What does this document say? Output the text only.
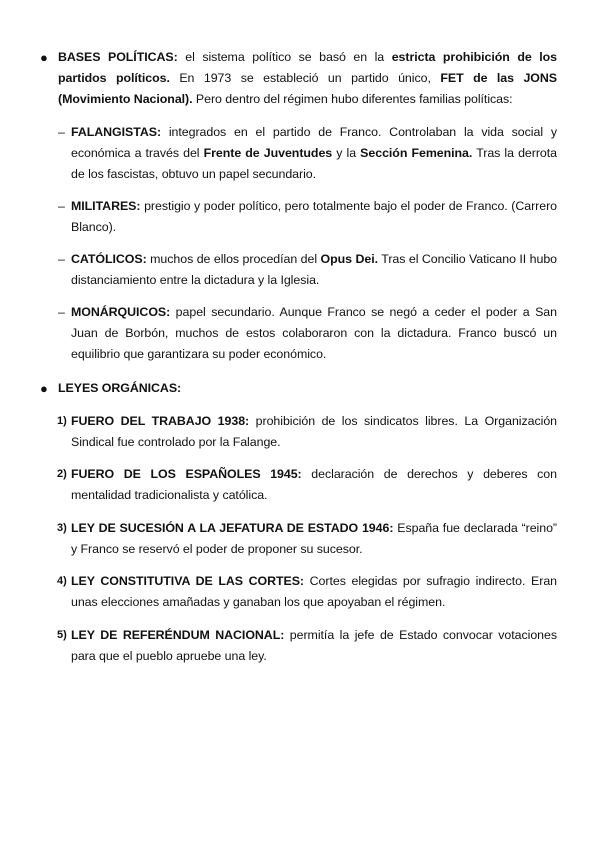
● BASES POLÍTICAS: el sistema político se basó en la estricta prohibición de los partidos políticos. En 1973 se estableció un partido único, FET de las JONS (Movimiento Nacional). Pero dentro del régimen hubo diferentes familias políticas:
– FALANGISTAS: integrados en el partido de Franco. Controlaban la vida social y económica a través del Frente de Juventudes y la Sección Femenina. Tras la derrota de los fascistas, obtuvo un papel secundario.
– MILITARES: prestigio y poder político, pero totalmente bajo el poder de Franco. (Carrero Blanco).
– CATÓLICOS: muchos de ellos procedían del Opus Dei. Tras el Concilio Vaticano II hubo distanciamiento entre la dictadura y la Iglesia.
– MONÁRQUICOS: papel secundario. Aunque Franco se negó a ceder el poder a San Juan de Borbón, muchos de estos colaboraron con la dictadura. Franco buscó un equilibrio que garantizara su poder económico.
● LEYES ORGÁNICAS:
1) FUERO DEL TRABAJO 1938: prohibición de los sindicatos libres. La Organización Sindical fue controlado por la Falange.
2) FUERO DE LOS ESPAÑOLES 1945: declaración de derechos y deberes con mentalidad tradicionalista y católica.
3) LEY DE SUCESIÓN A LA JEFATURA DE ESTADO 1946: España fue declarada “reino” y Franco se reservó el poder de proponer su sucesor.
4) LEY CONSTITUTIVA DE LAS CORTES: Cortes elegidas por sufragio indirecto. Eran unas elecciones amañadas y ganaban los que apoyaban el régimen.
5) LEY DE REFERÉNDUM NACIONAL: permitía la jefe de Estado convocar votaciones para que el pueblo apruebe una ley.
